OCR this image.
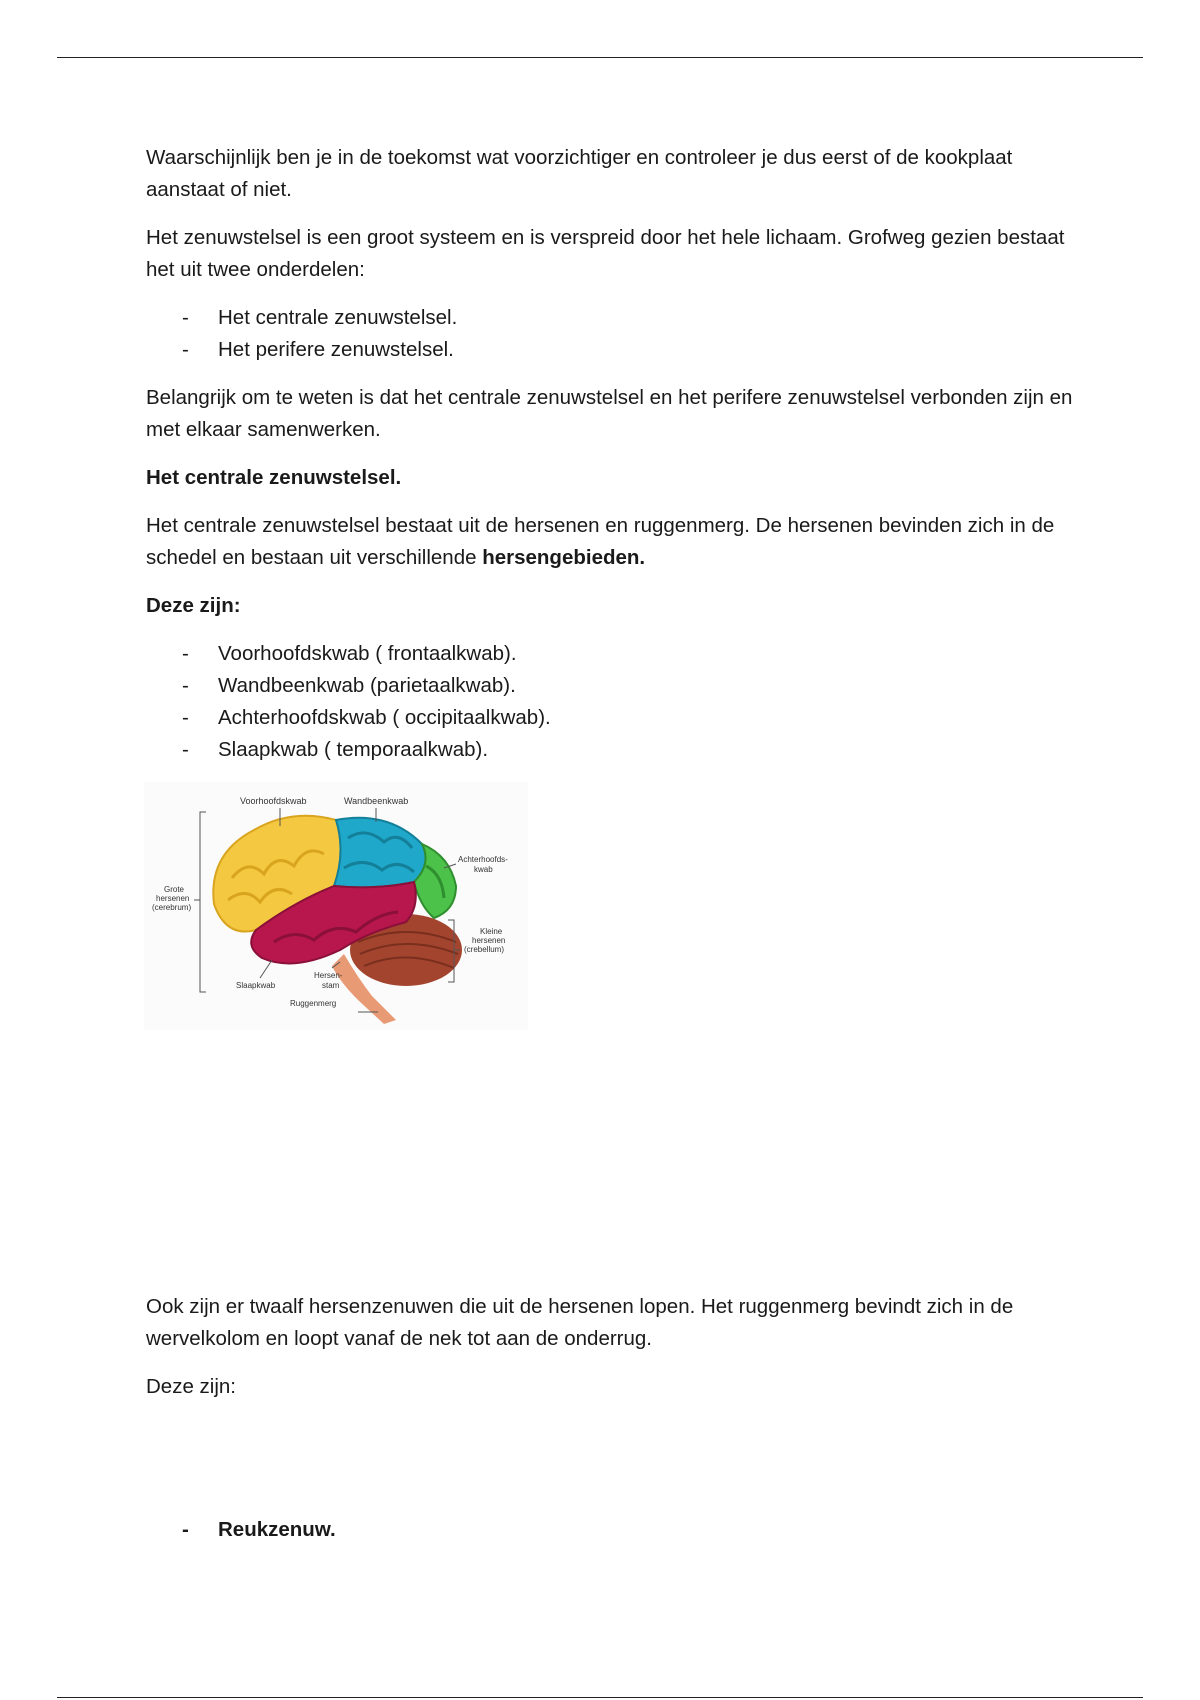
Waarschijnlijk ben je in de toekomst wat voorzichtiger en controleer je dus eerst of de kookplaat aanstaat of niet.

Het zenuwstelsel is een groot systeem en is verspreid door het hele lichaam. Grofweg gezien bestaat het uit twee onderdelen:

- Het centrale zenuwstelsel.
- Het perifere zenuwstelsel.

Belangrijk om te weten is dat het centrale zenuwstelsel en het perifere zenuwstelsel verbonden zijn en met elkaar samenwerken.

Het centrale zenuwstelsel.

Het centrale zenuwstelsel bestaat uit de hersenen en ruggenmerg. De hersenen bevinden zich in de schedel en bestaan uit verschillende hersengebieden.

Deze zijn:

- Voorhoofdskwab ( frontaalkwab).
- Wandbeenkwab (parietaalkwab).
- Achterhoofdskwab ( occipitaalkwab).
- Slaapkwab ( temporaalkwab).
Voorhoofdskwab	Wandbeenkwab
Achterhoofds-
kwab
Grote
hersenen
(cerebrum)
Kleine
hersenen
(crebellum)
Slaapkwab
Hersen-
stam
Ruggenmerg

Ook zijn er twaalf hersenzenuwen die uit de hersenen lopen. Het ruggenmerg bevindt zich in de wervelkolom en loopt vanaf de nek tot aan de onderrug.

Deze zijn:

- Reukzenuw.
